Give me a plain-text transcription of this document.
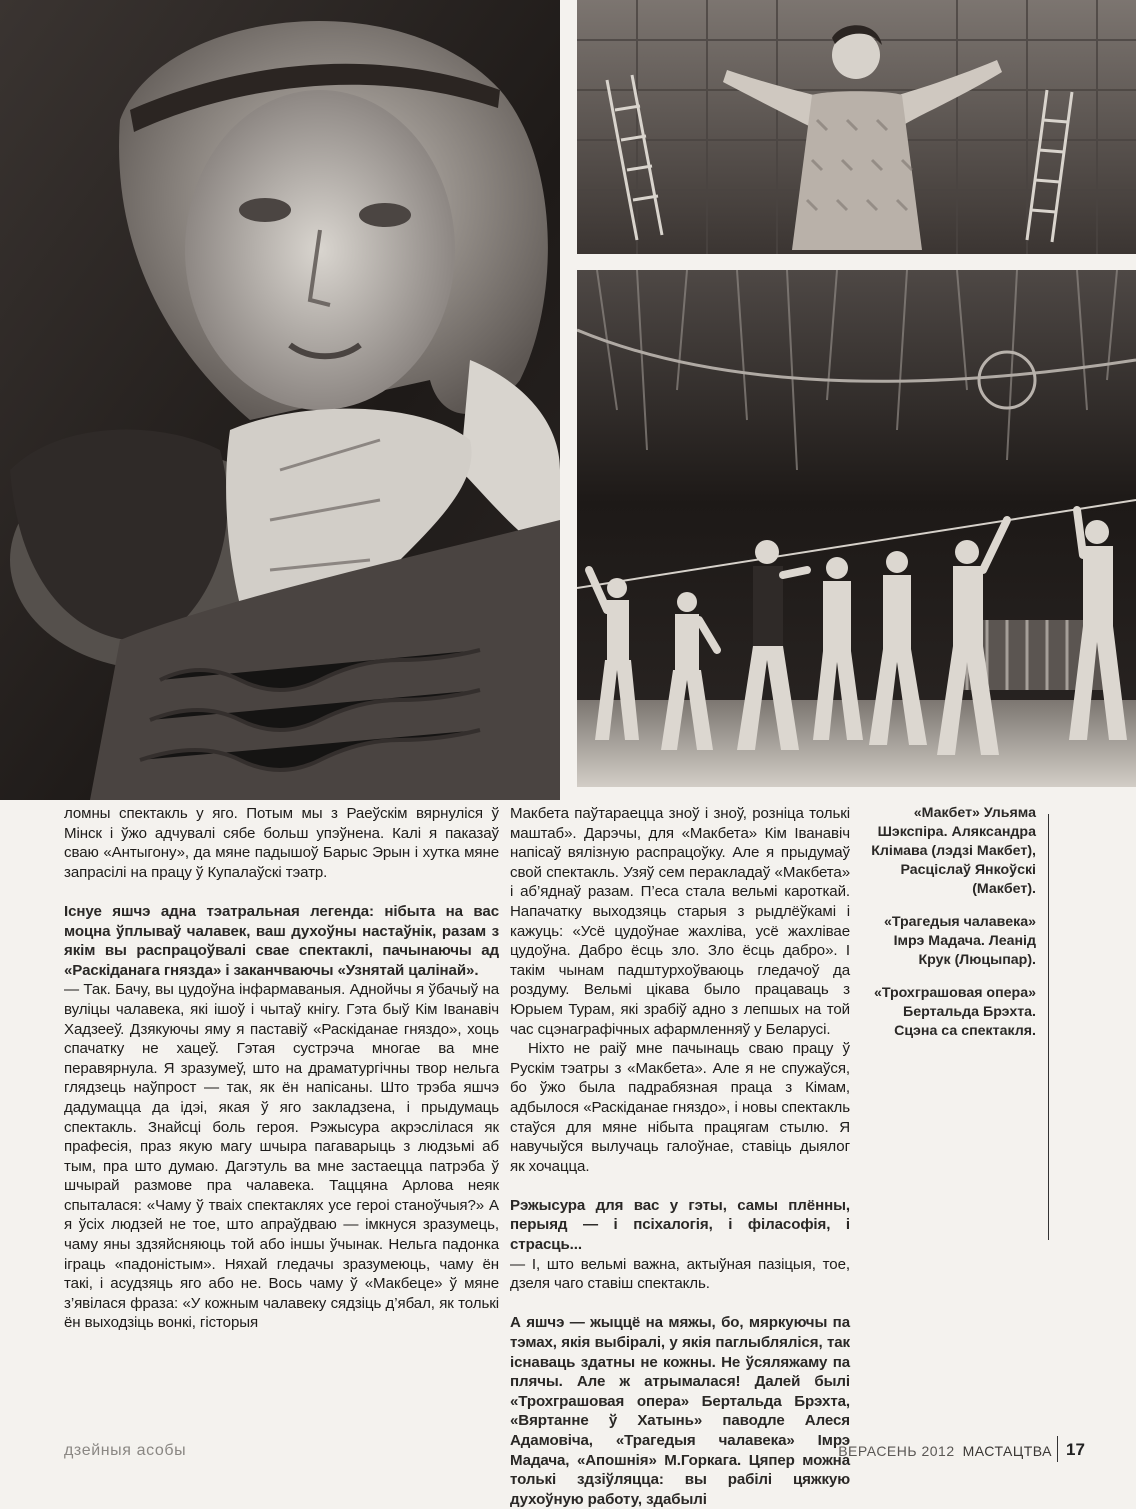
ломны спектакль у яго. Потым мы з Раеўскім вярнуліся ў Мінск і ўжо адчувалі сябе больш упэўнена. Калі я паказаў сваю «Антыгону», да мяне падышоў Барыс Эрын і хутка мяне запрасілі на працу ў Купалаўскі тэатр.

Існуе яшчэ адна тэатральная легенда: нібыта на вас моцна ўплываў чалавек, ваш духоўны настаўнік, разам з якім вы распрацоўвалі свае спектаклі, пачынаючы ад «Раскіданага гнязда» і заканчваючы «Узнятай цалінай».

— Так. Бачу, вы цудоўна інфармаваныя. Аднойчы я ўбачыў на вуліцы чалавека, які ішоў і чытаў кнігу. Гэта быў Кім Іванавіч Хадзееў. Дзякуючы яму я паставіў «Раскіданае гняздо», хоць спачатку не хацеў. Гэтая сустрэча многае ва мне перавярнула. Я зразумеў, што на драматургічны твор нельга глядзець наўпрост — так, як ён напісаны. Што трэба яшчэ дадумацца да ідэі, якая ў яго закладзена, і прыдумаць спектакль. Знайсці боль героя. Рэжысура акрэслілася як прафесія, праз якую магу шчыра пагаварыць з людзьмі аб тым, пра што думаю. Дагэтуль ва мне застаецца патрэба ў шчырай размове пра чалавека. Таццяна Арлова неяк спыталася: «Чаму ў тваіх спектаклях усе героі станоўчыя?» А я ўсіх людзей не тое, што апраўдваю — імкнуся зразумець, чаму яны здзяйсняюць той або іншы ўчынак. Нельга падонка іграць «падоністым». Няхай гледачы зразумеюць, чаму ён такі, і асудзяць яго або не. Вось чаму ў «Макбеце» ў мяне з’явілася фраза: «У кожным чалавеку сядзіць д’ябал, як толькі ён выходзіць вонкі, гісторыя

Макбета паўтараецца зноў і зноў, розніца толькі маштаб». Дарэчы, для «Макбета» Кім Іванавіч напісаў вялізную распрацоўку. Але я прыдумаў свой спектакль. Узяў сем перакладаў «Макбета» і аб’яднаў разам. П’еса стала вельмі кароткай. Напачатку выходзяць старыя з рыдлёўкамі і кажуць: «Усё цудоўнае жахліва, усё жахлівае цудоўна. Дабро ёсць зло. Зло ёсць дабро». І такім чынам падштурхоўваюць гледачоў да роздуму. Вельмі цікава было працаваць з Юрыем Турам, які зрабіў адно з лепшых на той час сцэнаграфічных афармленняў у Беларусі.

Ніхто не раіў мне пачынаць сваю працу ў Рускім тэатры з «Макбета». Але я не спужаўся, бо ўжо была падрабязная праца з Кімам, адбылося «Раскіданае гняздо», і новы спектакль стаўся для мяне нібыта працягам стылю. Я навучыўся вылучаць галоўнае, ставіць дыялог як хочацца.

Рэжысура для вас у гэты, самы плённы, перыяд — і псіхалогія, і філасофія, і страсць...

— І, што вельмі важна, актыўная пазіцыя, тое, дзеля чаго ставіш спектакль.

А яшчэ — жыццё на мяжы, бо, мяркуючы па тэмах, якія выбіралі, у якія паглыбляліся, так існаваць здатны не кожны. Не ўсяляжаму па плячы. Але ж атрымалася! Далей былі «Трохграшовая опера» Бертальда Брэхта, «Вяртанне ў Хатынь» паводле Алеся Адамовіча, «Трагедыя чалавека» Імрэ Мадача, «Апошнія» М.Горкага. Цяпер можна толькі здзіўляцца: вы рабілі цяжкую духоўную работу, здабылі

«Макбет» Ульяма Шэкспіра. Аляксандра Клімава (лэдзі Макбет), Расціслаў Янкоўскі (Макбет).

«Трагедыя чалавека» Імрэ Мадача. Леанід Крук (Люцыпар).

«Трохграшовая опера» Бертальда Брэхта. Сцэна са спектакля.

дзейныя асобы	ВЕРАСЕНЬ 2012 МАСТАЦТВА 17
